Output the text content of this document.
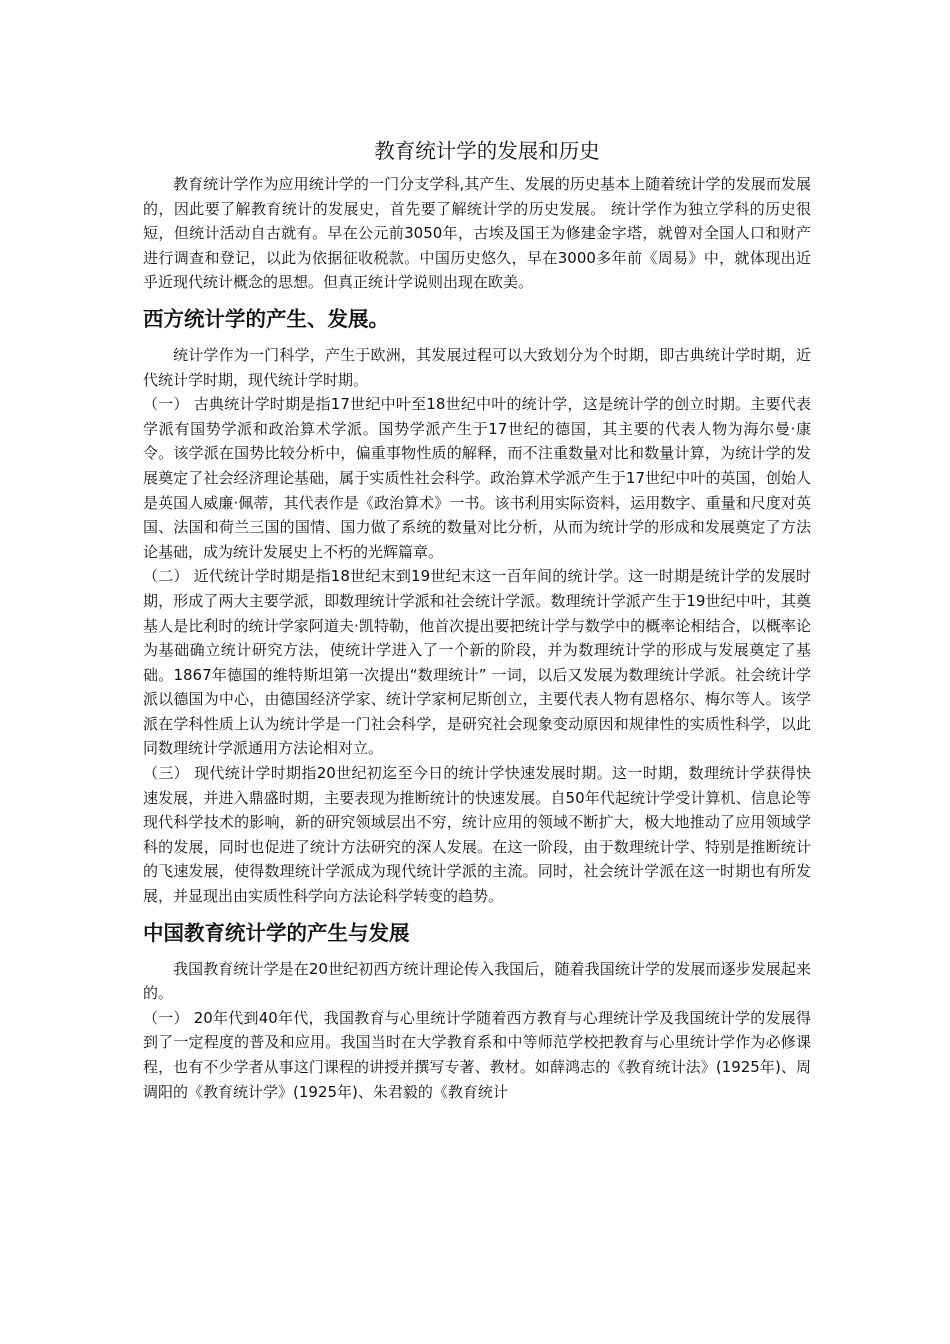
教育统计学的发展和历史

教育统计学作为应用统计学的一门分支学科,其产生、发展的历史基本上随着统计学的发展而发展的，因此要了解教育统计的发展史，首先要了解统计学的历史发展。 统计学作为独立学科的历史很短，但统计活动自古就有。早在公元前3050年，古埃及国王为修建金字塔，就曾对全国人口和财产进行调查和登记，以此为依据征收税款。中国历史悠久，早在3000多年前《周易》中，就体现出近乎近现代统计概念的思想。但真正统计学说则出现在欧美。

西方统计学的产生、发展。

统计学作为一门科学，产生于欧洲，其发展过程可以大致划分为个时期，即古典统计学时期，近代统计学时期，现代统计学时期。

（一） 古典统计学时期是指17世纪中叶至18世纪中叶的统计学，这是统计学的创立时期。主要代表学派有国势学派和政治算术学派。国势学派产生于17世纪的德国，其主要的代表人物为海尔曼·康令。该学派在国势比较分析中，偏重事物性质的解释，而不注重数量对比和数量计算，为统计学的发展奠定了社会经济理论基础，属于实质性社会科学。政治算术学派产生于17世纪中叶的英国，创始人是英国人威廉·佩蒂，其代表作是《政治算术》一书。该书利用实际资料，运用数字、重量和尺度对英国、法国和荷兰三国的国情、国力做了系统的数量对比分析，从而为统计学的形成和发展奠定了方法论基础，成为统计发展史上不朽的光辉篇章。

（二） 近代统计学时期是指18世纪末到19世纪末这一百年间的统计学。这一时期是统计学的发展时期，形成了两大主要学派，即数理统计学派和社会统计学派。数理统计学派产生于19世纪中叶，其奠基人是比利时的统计学家阿道夫·凯特勒，他首次提出要把统计学与数学中的概率论相结合，以概率论为基础确立统计研究方法，使统计学进入了一个新的阶段，并为数理统计学的形成与发展奠定了基础。1867年德国的维特斯坦第一次提出“数理统计” 一词，以后又发展为数理统计学派。社会统计学派以德国为中心，由德国经济学家、统计学家柯尼斯创立，主要代表人物有恩格尔、梅尔等人。该学派在学科性质上认为统计学是一门社会科学，是研究社会现象变动原因和规律性的实质性科学，以此同数理统计学派通用方法论相对立。

（三） 现代统计学时期指20世纪初迄至今日的统计学快速发展时期。这一时期，数理统计学获得快速发展，并进入鼎盛时期，主要表现为推断统计的快速发展。自50年代起统计学受计算机、信息论等现代科学技术的影响，新的研究领域层出不穷，统计应用的领域不断扩大，极大地推动了应用领域学科的发展，同时也促进了统计方法研究的深人发展。在这一阶段，由于数理统计学、特别是推断统计的飞速发展，使得数理统计学派成为现代统计学派的主流。同时，社会统计学派在这一时期也有所发展，并显现出由实质性科学向方法论科学转变的趋势。

中国教育统计学的产生与发展

我国教育统计学是在20世纪初西方统计理论传入我国后，随着我国统计学的发展而逐步发展起来的。

（一） 20年代到40年代，我国教育与心里统计学随着西方教育与心理统计学及我国统计学的发展得到了一定程度的普及和应用。我国当时在大学教育系和中等师范学校把教育与心里统计学作为必修课程，也有不少学者从事这门课程的讲授并撰写专著、教材。如薛鸿志的《教育统计法》(1925年)、周调阳的《教育统计学》(1925年)、朱君毅的《教育统计
